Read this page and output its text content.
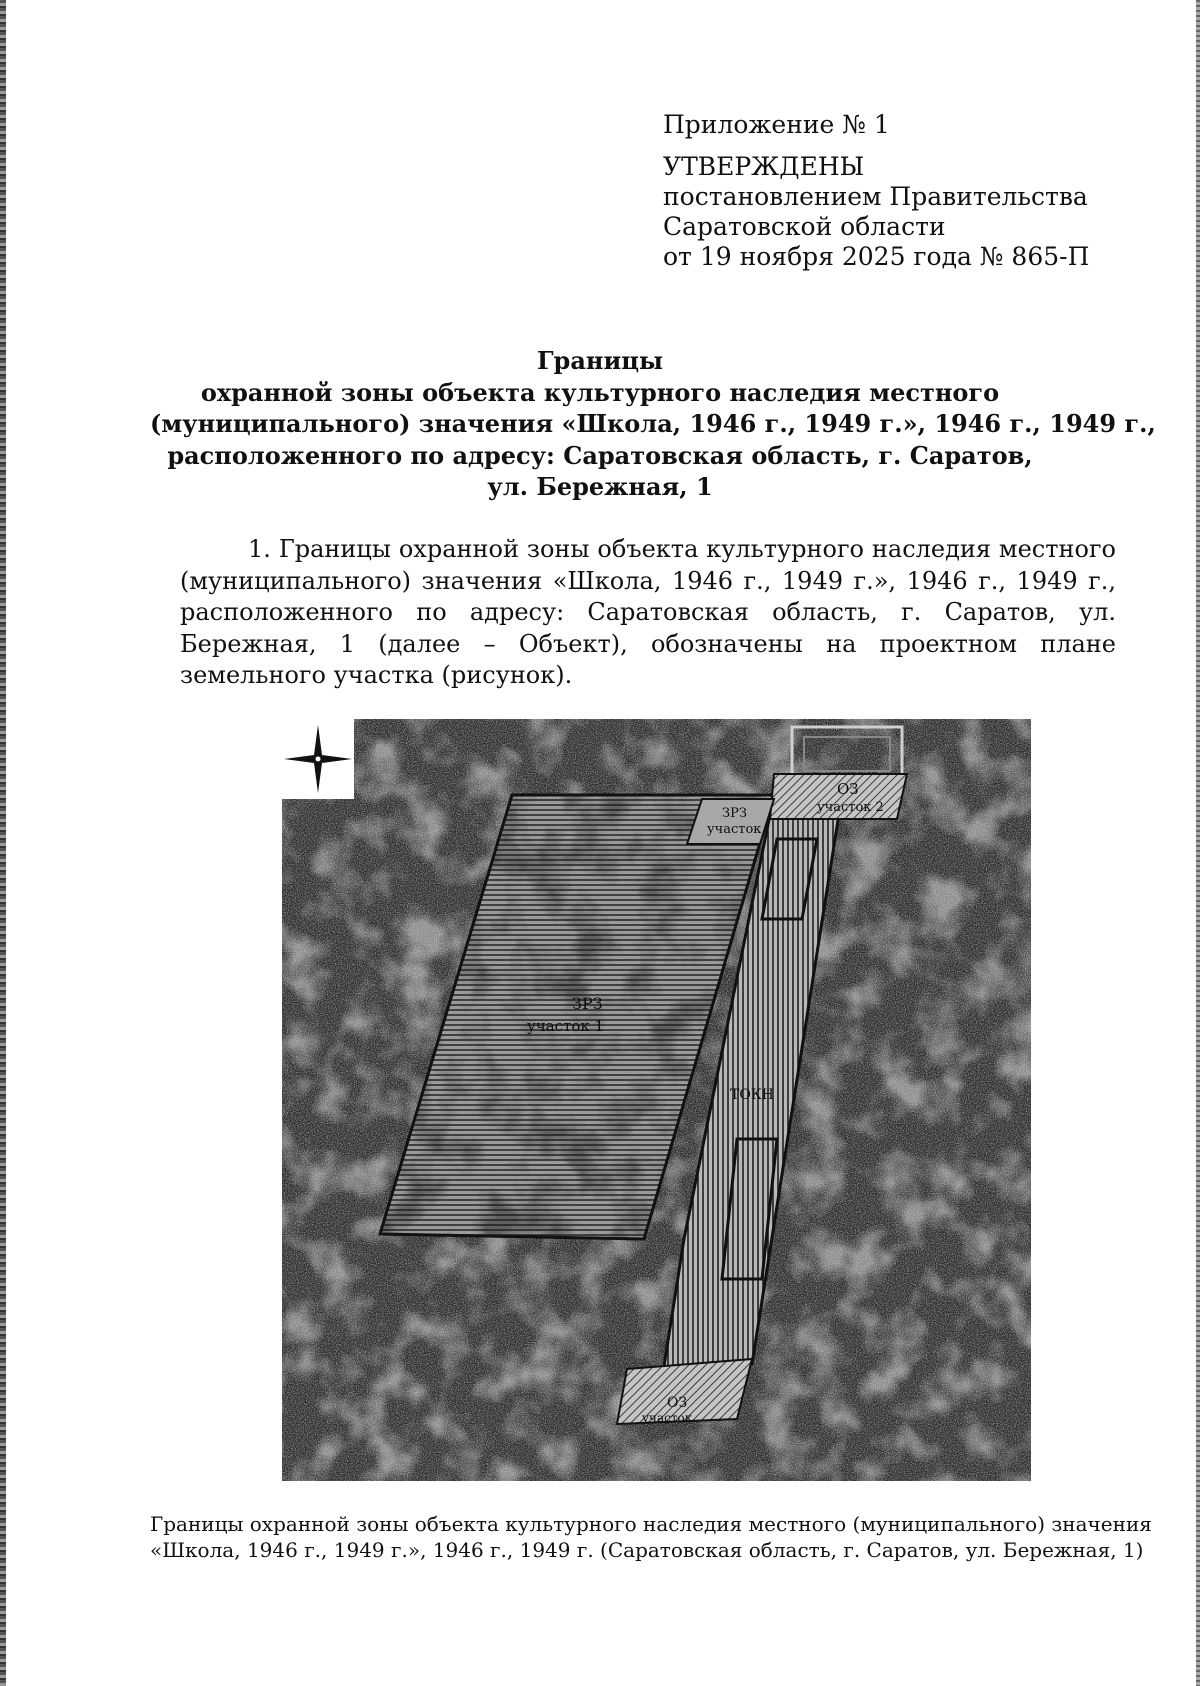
Приложение № 1
УТВЕРЖДЕНЫ
постановлением Правительства
Саратовской области
от 19 ноября 2025 года № 865-П
Границы
охранной зоны объекта культурного наследия местного
(муниципального) значения «Школа, 1946 г., 1949 г.», 1946 г., 1949 г.,
расположенного по адресу: Саратовская область, г. Саратов,
ул. Бережная, 1
1. Границы охранной зоны объекта культурного наследия местного (муниципального) значения «Школа, 1946 г., 1949 г.», 1946 г., 1949 г., расположенного по адресу: Саратовская область, г. Саратов, ул. Бережная, 1 (далее – Объект), обозначены на проектном плане земельного участка (рисунок).
ЗРЗ
участок 1
ОЗ
участок 2
ЗРЗ
участок
ТОКН
ОЗ
участок
Границы охранной зоны объекта культурного наследия местного (муниципального) значения
«Школа, 1946 г., 1949 г.», 1946 г., 1949 г. (Саратовская область, г. Саратов, ул. Бережная, 1)
